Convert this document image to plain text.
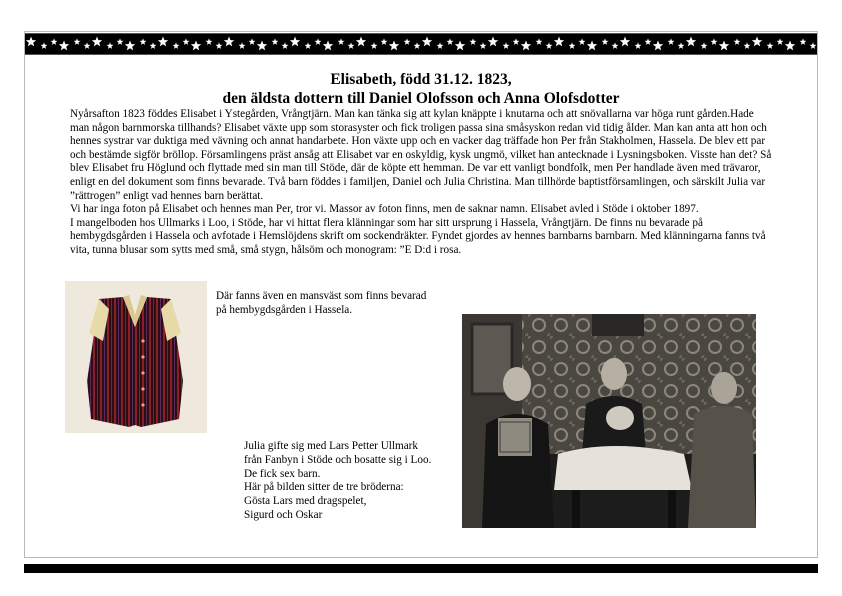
Elisabeth, född 31.12. 1823,
den äldsta dottern till Daniel Olofsson och Anna Olofsdotter

Nyårsafton 1823 föddes Elisabet i Ystegården, Vrångtjärn. Man kan tänka sig att kylan knäppte i knutarna och att snövallarna var höga runt gården.Hade man någon barnmorska tillhands? Elisabet växte upp som storasyster och fick troligen passa sina småsyskon redan vid tidig ålder. Man kan anta att hon och hennes systrar var duktiga med vävning och annat handarbete. Hon växte upp och en vacker dag träffade hon Per från Stakholmen, Hassela. De blev ett par och bestämde sigför bröllop. Församlingens präst ansåg att Elisabet var en oskyldig, kysk ungmö, vilket han antecknade i Lysningsboken. Visste han det? Så blev Elisabet fru Höglund och flyttade med sin man till Stöde, där de köpte ett hemman. De var ett vanligt bondfolk, men Per handlade även med trävaror, enligt en del dokument som finns bevarade. Två barn föddes i familjen, Daniel och Julia Christina. Man tillhörde baptistförsamlingen, och särskilt Julia var ”rättrogen” enligt vad hennes barn berättat.

Vi har inga foton på Elisabet och hennes man Per, tror vi. Massor av foton finns, men de saknar namn. Elisabet avled i Stöde i oktober 1897.

I mangelboden hos Ullmarks i Loo, i Stöde, har vi hittat flera klänningar som har sitt ursprung i Hassela, Vrångtjärn. De finns nu bevarade på hembygdsgården i Hassela och avfotade i Hemslöjdens skrift om sockendräkter. Fyndet gjordes av hennes barnbarns barnbarn. Med klänningarna fanns två vita, tunna blusar som sytts med små, små stygn, hålsöm och monogram: ”E D:d i rosa.

Där fanns även en mansväst som finns bevarad

på hembygdsgården i Hassela.

Julia gifte sig med Lars Petter Ullmark

från Fanbyn i Stöde och bosatte sig i Loo.

De fick sex barn.

Här på bilden sitter de tre bröderna:

Gösta Lars med dragspelet,

Sigurd och Oskar
